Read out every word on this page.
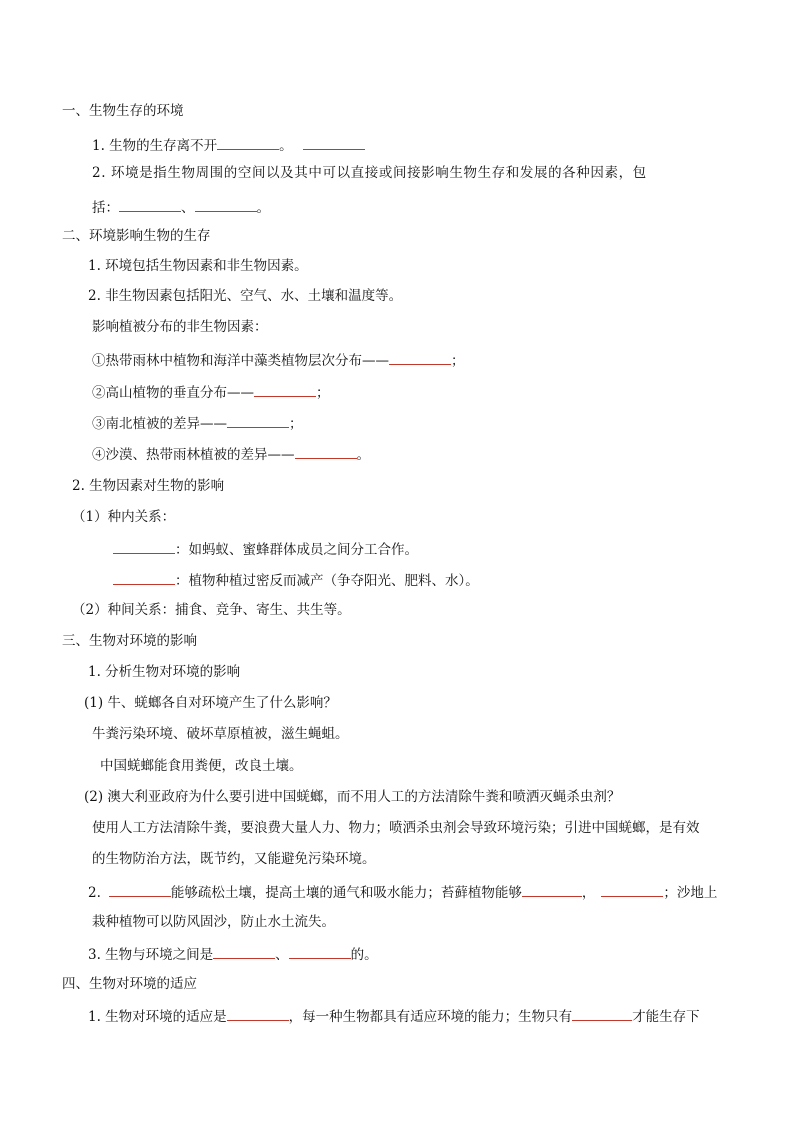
一、生物生存的环境
1. 生物的生存离不开	。
2. 环境是指生物周围的空间以及其中可以直接或间接影响生物生存和发展的各种因素，包
括：	、	。
二、环境影响生物的生存
1. 环境包括生物因素和非生物因素。
2. 非生物因素包括阳光、空气、水、土壤和温度等。
影响植被分布的非生物因素：
①热带雨林中植物和海洋中藻类植物层次分布——	；
②高山植物的垂直分布——	；
③南北植被的差异——	；
④沙漠、热带雨林植被的差异——	。
2. 生物因素对生物的影响
（1）种内关系：
：如蚂蚁、蜜蜂群体成员之间分工合作。
：植物种植过密反而减产（争夺阳光、肥料、水）。
（2）种间关系：捕食、竞争、寄生、共生等。
三、生物对环境的影响
1. 分析生物对环境的影响
(1) 牛、蜣螂各自对环境产生了什么影响？
牛粪污染环境、破坏草原植被，滋生蝇蛆。
中国蜣螂能食用粪便，改良土壤。
(2) 澳大利亚政府为什么要引进中国蜣螂，而不用人工的方法清除牛粪和喷洒灭蝇杀虫剂？
使用人工方法清除牛粪，要浪费大量人力、物力；喷洒杀虫剂会导致环境污染；引进中国蜣螂，是有效
的生物防治方法，既节约，又能避免污染环境。
2.	能够疏松土壤，提高土壤的通气和吸水能力；苔藓植物能够	，	；沙地上
栽种植物可以防风固沙，防止水土流失。
3. 生物与环境之间是	、	的。
四、生物对环境的适应
1. 生物对环境的适应是	，每一种生物都具有适应环境的能力；生物只有	才能生存下
